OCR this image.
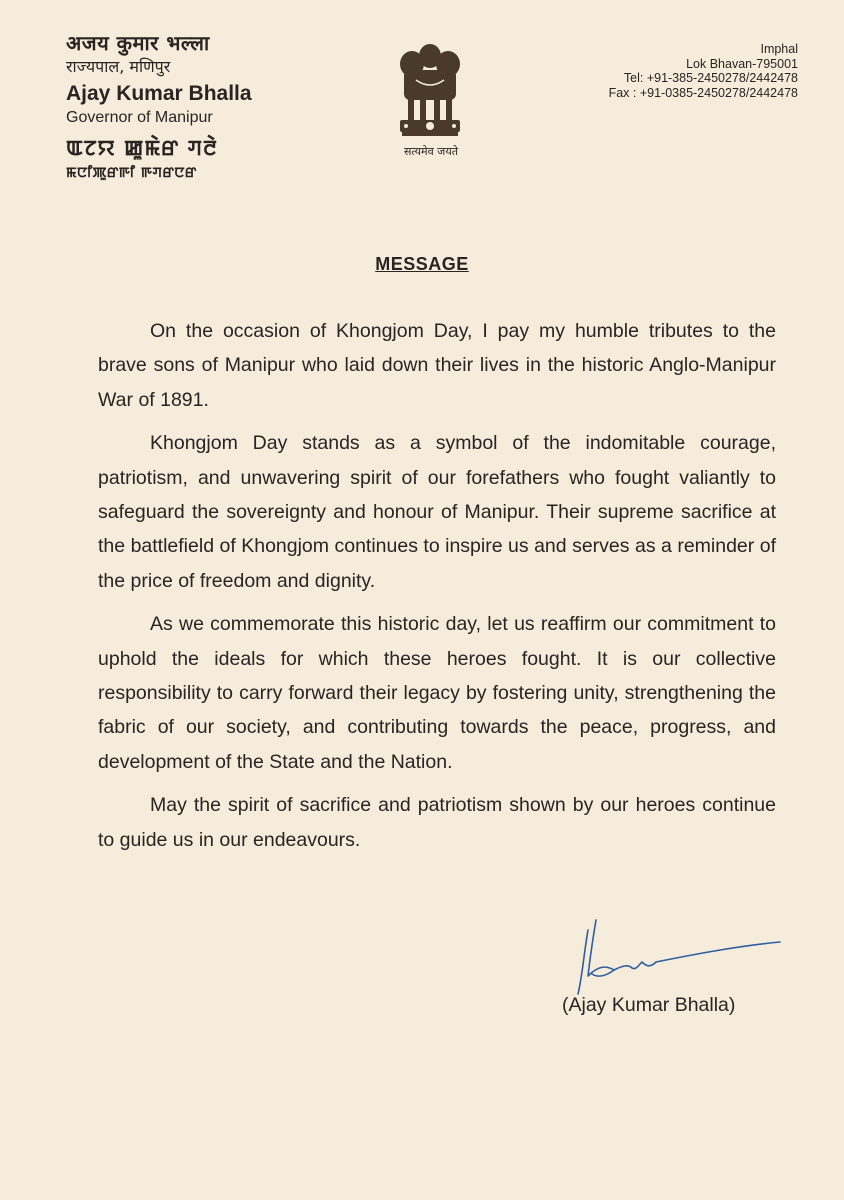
अजय कुमार भल्ला
राज्यपाल, मणिपुर
Ajay Kumar Bhalla
Governor of Manipur
ꯑꯖꯌ ꯀꯨꯃꯥꯔ ꯚꯂꯥ
ꯃꯅꯤꯄꯨꯔꯒꯤ ꯒꯚꯔꯅꯔ
सत्यमेव जयते
Imphal
Lok Bhavan-795001
Tel: +91-385-2450278/2442478
Fax : +91-0385-2450278/2442478
MESSAGE

On the occasion of Khongjom Day, I pay my humble tributes to the brave sons of Manipur who laid down their lives in the historic Anglo-Manipur War of 1891.

Khongjom Day stands as a symbol of the indomitable courage, patriotism, and unwavering spirit of our forefathers who fought valiantly to safeguard the sovereignty and honour of Manipur. Their supreme sacrifice at the battlefield of Khongjom continues to inspire us and serves as a reminder of the price of freedom and dignity.

As we commemorate this historic day, let us reaffirm our commitment to uphold the ideals for which these heroes fought. It is our collective responsibility to carry forward their legacy by fostering unity, strengthening the fabric of our society, and contributing towards the peace, progress, and development of the State and the Nation.

May the spirit of sacrifice and patriotism shown by our heroes continue to guide us in our endeavours.

(Ajay Kumar Bhalla)
